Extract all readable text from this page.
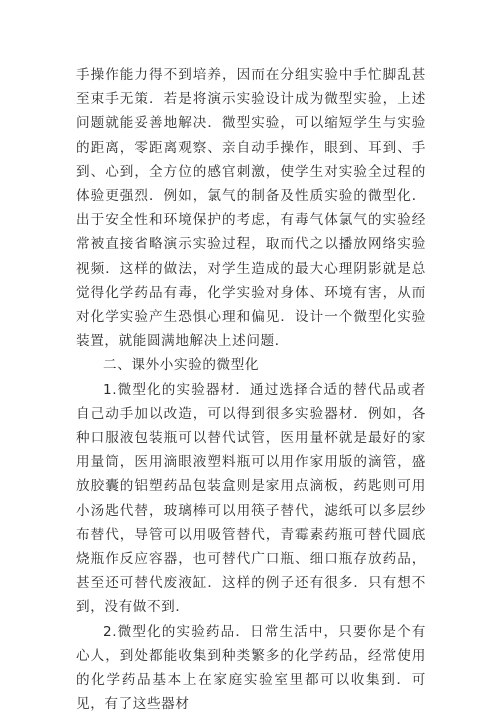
手操作能力得不到培养，因而在分组实验中手忙脚乱甚至束手无策．若是将演示实验设计成为微型实验，上述问题就能妥善地解决．微型实验，可以缩短学生与实验的距离，零距离观察、亲自动手操作，眼到、耳到、手到、心到，全方位的感官刺激，使学生对实验全过程的体验更强烈．例如，氯气的制备及性质实验的微型化．出于安全性和环境保护的考虑，有毒气体氯气的实验经常被直接省略演示实验过程，取而代之以播放网络实验视频．这样的做法，对学生造成的最大心理阴影就是总觉得化学药品有毒，化学实验对身体、环境有害，从而对化学实验产生恐惧心理和偏见．设计一个微型化实验装置，就能圆满地解决上述问题．

二、课外小实验的微型化

1.微型化的实验器材．通过选择合适的替代品或者自己动手加以改造，可以得到很多实验器材．例如，各种口服液包装瓶可以替代试管，医用量杯就是最好的家用量筒，医用滴眼液塑料瓶可以用作家用版的滴管，盛放胶囊的铝塑药品包装盒则是家用点滴板，药匙则可用小汤匙代替，玻璃棒可以用筷子替代，滤纸可以多层纱布替代，导管可以用吸管替代，青霉素药瓶可替代圆底烧瓶作反应容器，也可替代广口瓶、细口瓶存放药品，甚至还可替代废液缸．这样的例子还有很多．只有想不到，没有做不到．

2.微型化的实验药品．日常生活中，只要你是个有心人，到处都能收集到种类繁多的化学药品，经常使用的化学药品基本上在家庭实验室里都可以收集到．可见，有了这些器材
